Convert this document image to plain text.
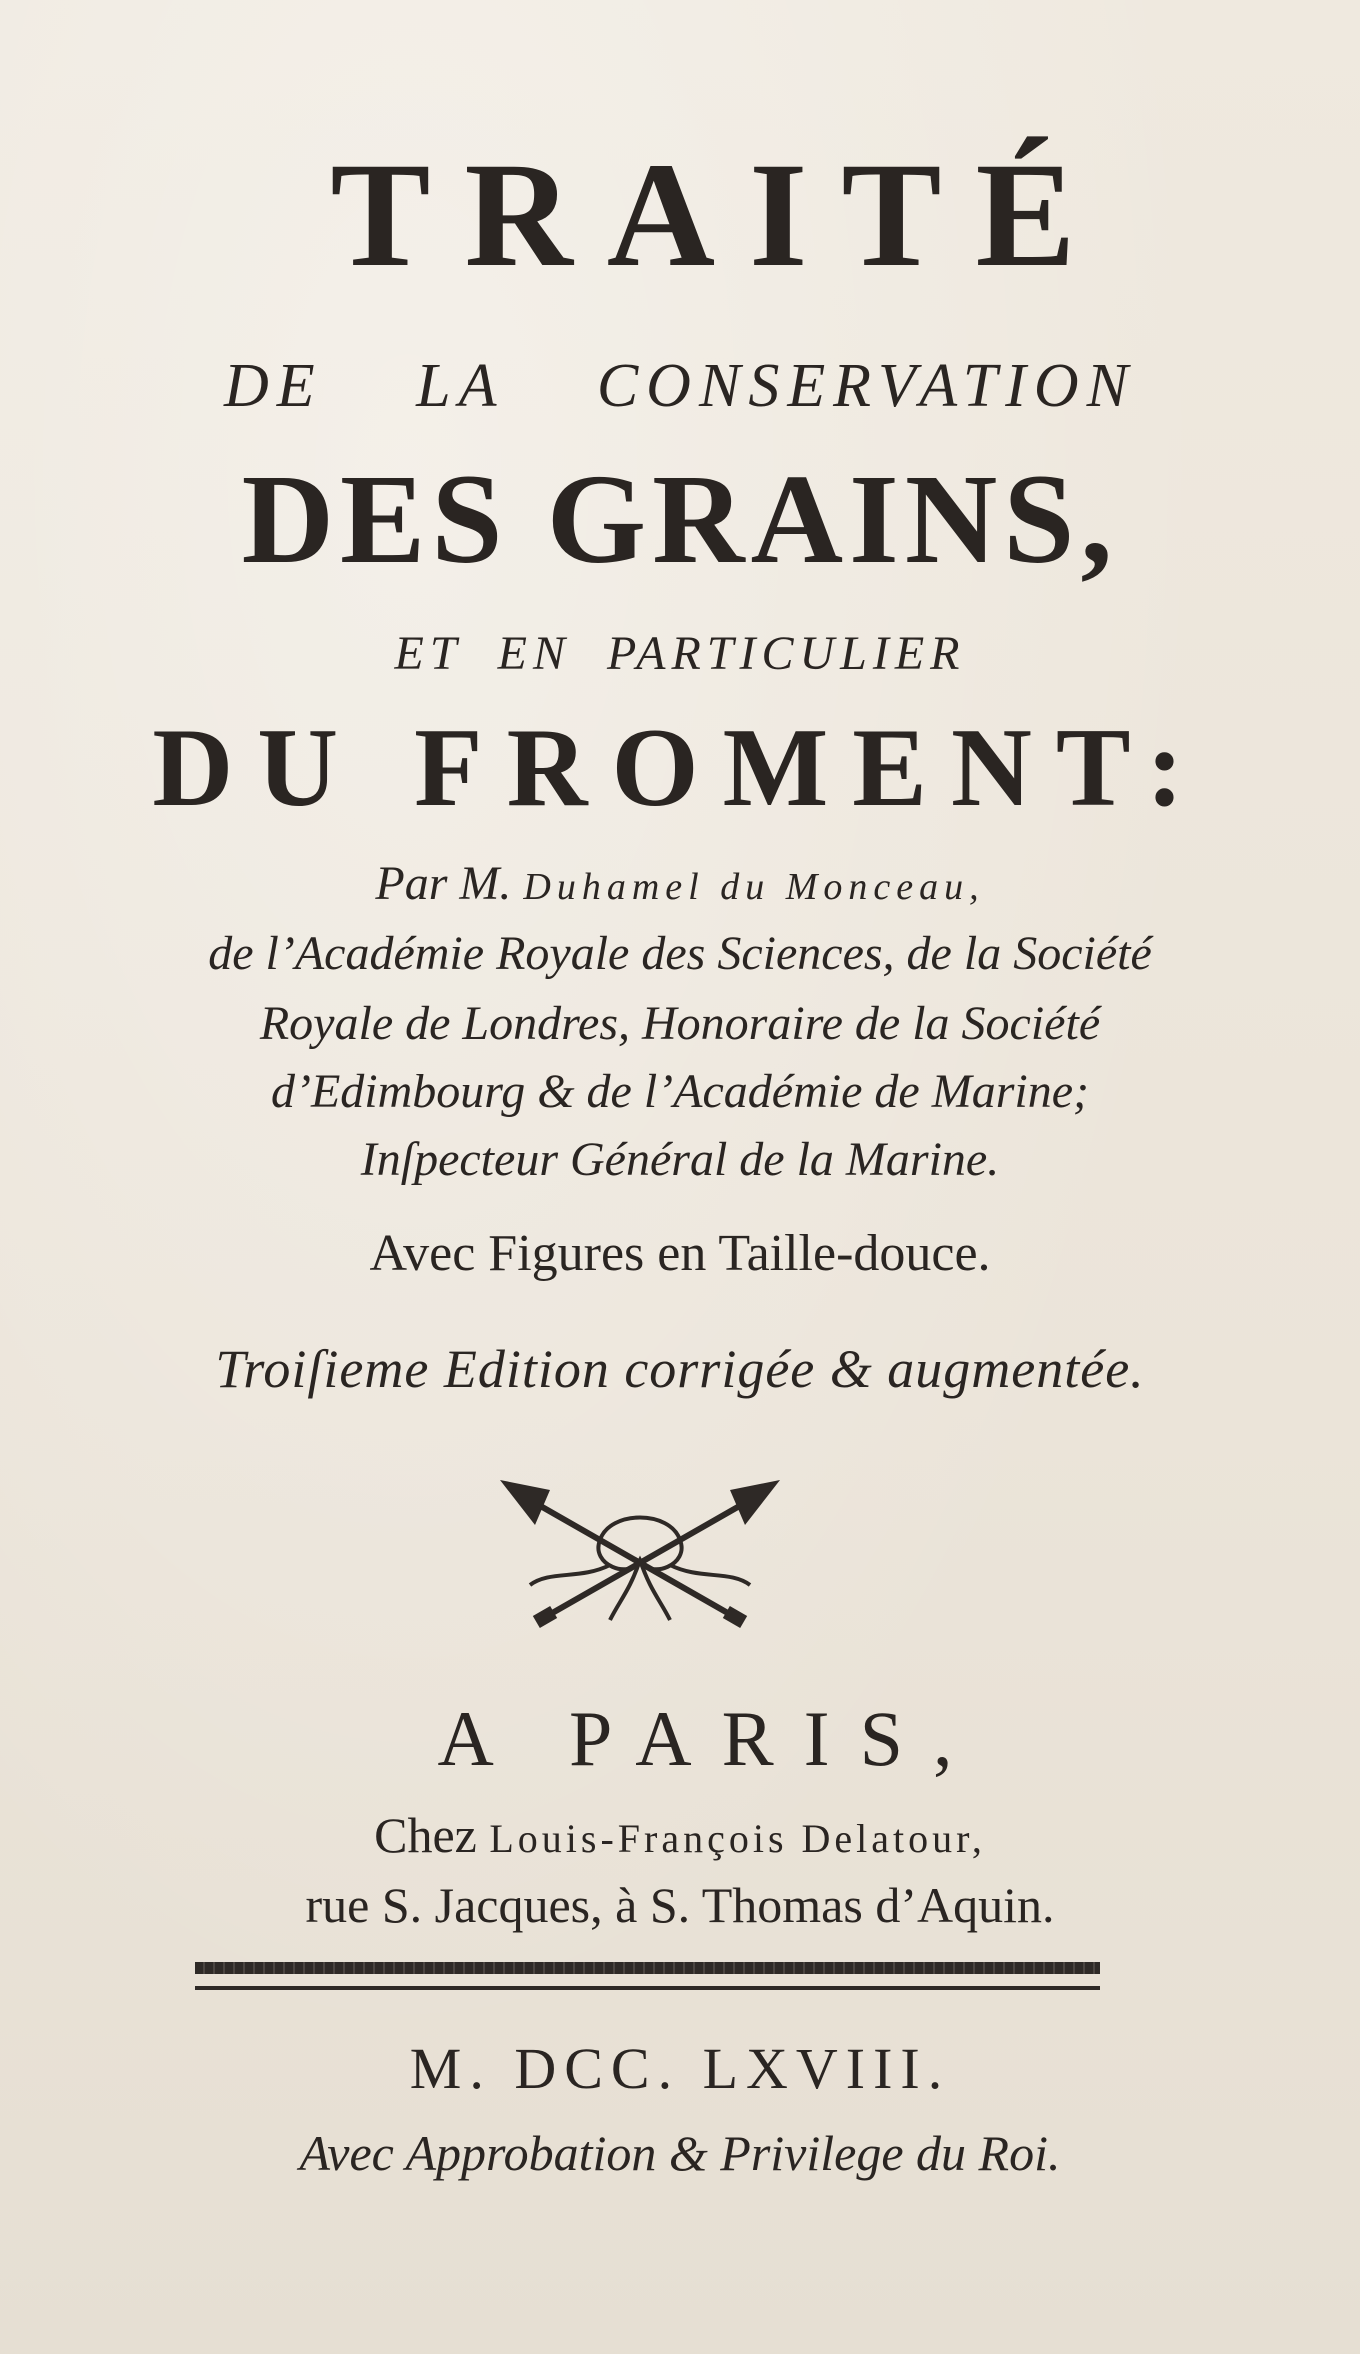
TRAITÉ
DE LA CONSERVATION
DES GRAINS,
ET EN PARTICULIER
DU FROMENT:
Par M. Duhamel du Monceau,
de l’Académie Royale des Sciences, de la Société
Royale de Londres, Honoraire de la Société
d’Edimbourg & de l’Académie de Marine;
Inſpecteur Général de la Marine.
Avec Figures en Taille-douce.
Troiſieme Edition corrigée & augmentée.
A PARIS,
Chez Louis-François Delatour,
rue S. Jacques, à S. Thomas d’Aquin.
M. DCC. LXVIII.
Avec Approbation & Privilege du Roi.
